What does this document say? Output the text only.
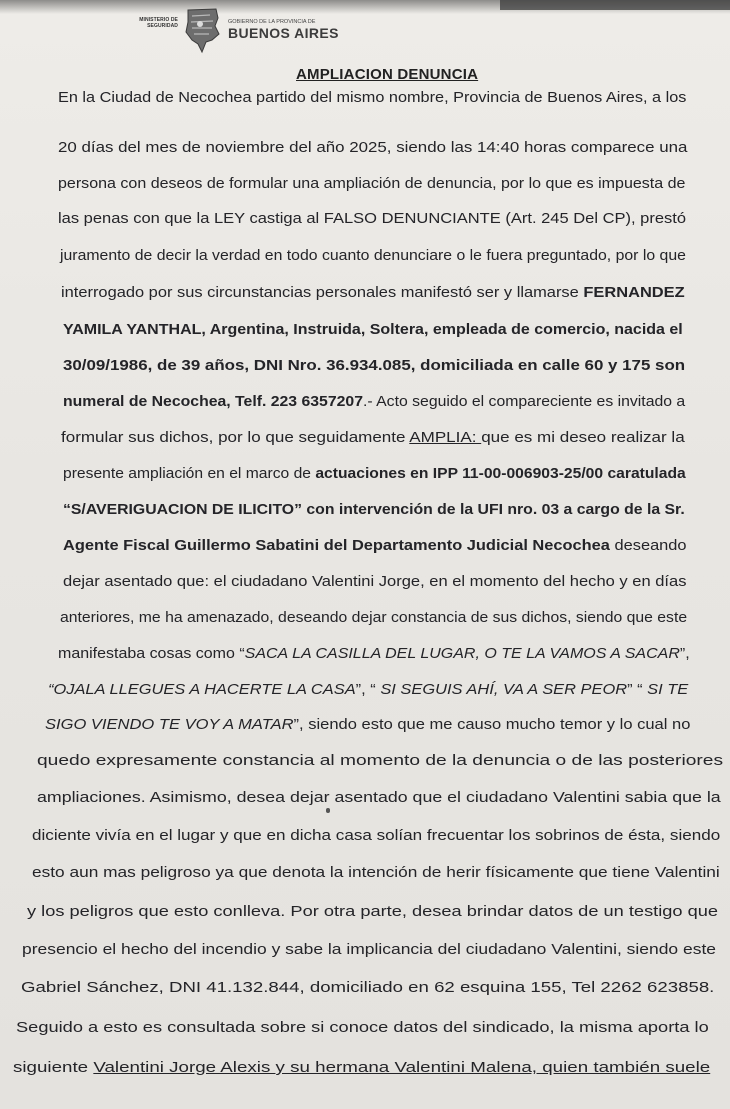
MINISTERIO DE SEGURIDAD
GOBIERNO DE LA PROVINCIA DE
BUENOS AIRES
AMPLIACION DENUNCIA
En la Ciudad de Necochea partido del mismo nombre, Provincia de Buenos Aires, a los
20 días del mes de noviembre del año 2025, siendo las 14:40 horas comparece una
persona con deseos de formular una ampliación de denuncia, por lo que es impuesta de
las penas con que la LEY castiga al FALSO DENUNCIANTE (Art. 245 Del CP), prestó
juramento de decir la verdad en todo cuanto denunciare o le fuera preguntado, por lo que
interrogado por sus circunstancias personales manifestó ser y llamarse FERNANDEZ
YAMILA YANTHAL, Argentina, Instruida, Soltera, empleada de comercio, nacida el
30/09/1986, de 39 años, DNI Nro. 36.934.085, domiciliada en calle 60 y 175 son
numeral de Necochea, Telf. 223 6357207.- Acto seguido el compareciente es invitado a
formular sus dichos, por lo que seguidamente AMPLIA: que es mi deseo realizar la
presente ampliación en el marco de actuaciones en IPP 11-00-006903-25/00 caratulada
“S/AVERIGUACION DE ILICITO” con intervención de la UFI nro. 03 a cargo de la Sr.
Agente Fiscal Guillermo Sabatini del Departamento Judicial Necochea deseando
dejar asentado que: el ciudadano Valentini Jorge, en el momento del hecho y en días
anteriores, me ha amenazado, deseando dejar constancia de sus dichos, siendo que este
manifestaba cosas como “SACA LA CASILLA DEL LUGAR, O TE LA VAMOS A SACAR”,
“OJALA LLEGUES A HACERTE LA CASA”, “ SI SEGUIS AHÍ, VA A SER PEOR” “ SI TE
SIGO VIENDO TE VOY A MATAR”, siendo esto que me causo mucho temor y lo cual no
quedo expresamente constancia al momento de la denuncia o de las posteriores
ampliaciones. Asimismo, desea dejar asentado que el ciudadano Valentini sabia que la
diciente vivía en el lugar y que en dicha casa solían frecuentar los sobrinos de ésta, siendo
esto aun mas peligroso ya que denota la intención de herir físicamente que tiene Valentini
y los peligros que esto conlleva. Por otra parte, desea brindar datos de un testigo que
presencio el hecho del incendio y sabe la implicancia del ciudadano Valentini, siendo este
Gabriel Sánchez, DNI 41.132.844, domiciliado en 62 esquina 155, Tel 2262 623858.
Seguido a esto es consultada sobre si conoce datos del sindicado, la misma aporta lo
siguiente Valentini Jorge Alexis y su hermana Valentini Malena, quien también suele
